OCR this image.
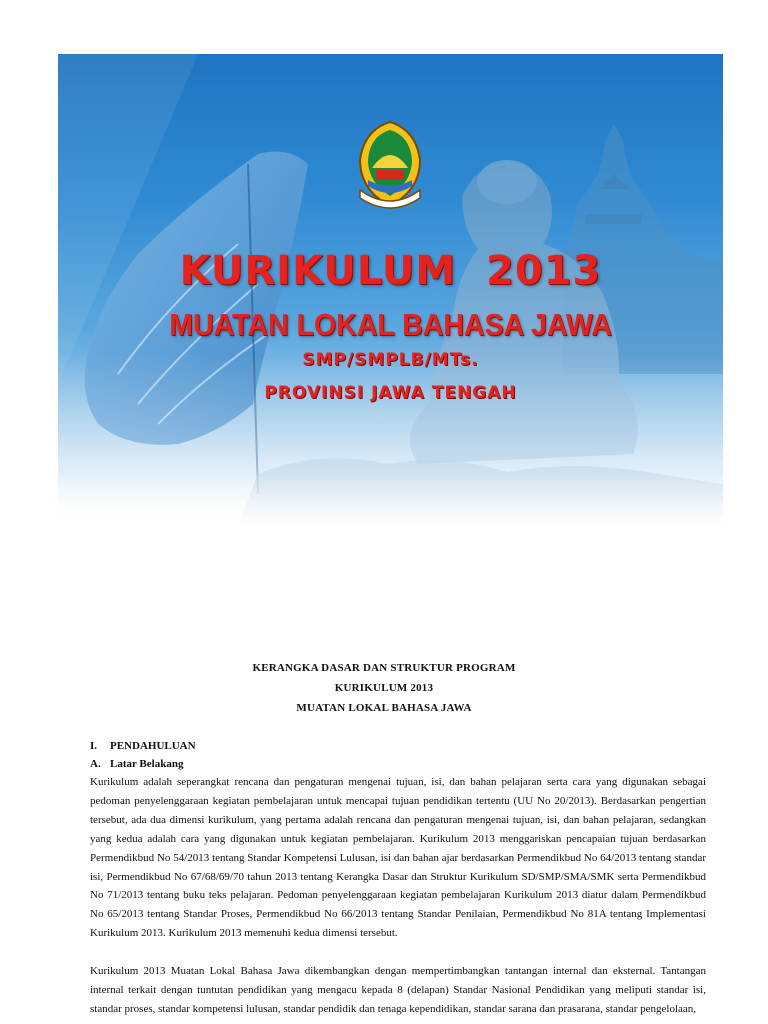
KURIKULUM  2013
MUATAN LOKAL BAHASA JAWA
SMP/SMPLB/MTs.
PROVINSI JAWA TENGAH
KERANGKA DASAR DAN STRUKTUR PROGRAM
KURIKULUM 2013
MUATAN LOKAL BAHASA JAWA
I. PENDAHULUAN
A. Latar Belakang

Kurikulum adalah seperangkat rencana dan pengaturan mengenai tujuan, isi, dan bahan pelajaran serta cara yang digunakan sebagai pedoman penyelenggaraan kegiatan pembelajaran untuk mencapai tujuan pendidikan tertentu (UU No 20/2013). Berdasarkan pengertian tersebut, ada dua dimensi kurikulum, yang pertama adalah rencana dan pengaturan mengenai tujuan, isi, dan bahan pelajaran, sedangkan yang kedua adalah cara yang digunakan untuk kegiatan pembelajaran. Kurikulum 2013 menggariskan pencapaian tujuan berdasarkan Permendikbud No 54/2013 tentang Standar Kompetensi Lulusan, isi dan bahan ajar berdasarkan Permendikbud No 64/2013 tentang standar isi, Permendikbud No 67/68/69/70 tahun 2013 tentang Kerangka Dasar dan Struktur Kurikulum SD/SMP/SMA/SMK serta Permendikbud No 71/2013 tentang buku teks pelajaran. Pedoman penyelenggaraan kegiatan pembelajaran Kurikulum 2013 diatur dalam Permendikbud No 65/2013 tentang Standar Proses, Permendikbud No 66/2013 tentang Standar Penilaian, Permendikbud No 81A tentang Implementasi Kurikulum 2013. Kurikulum 2013 memenuhi kedua dimensi tersebut.

Kurikulum 2013 Muatan Lokal Bahasa Jawa dikembangkan dengan mempertimbangkan tantangan internal dan eksternal. Tantangan internal terkait dengan tuntutan pendidikan yang mengacu kepada 8 (delapan) Standar Nasional Pendidikan yang meliputi standar isi, standar proses, standar kompetensi lulusan, standar pendidik dan tenaga kependidikan, standar sarana dan prasarana, standar pengelolaan,
